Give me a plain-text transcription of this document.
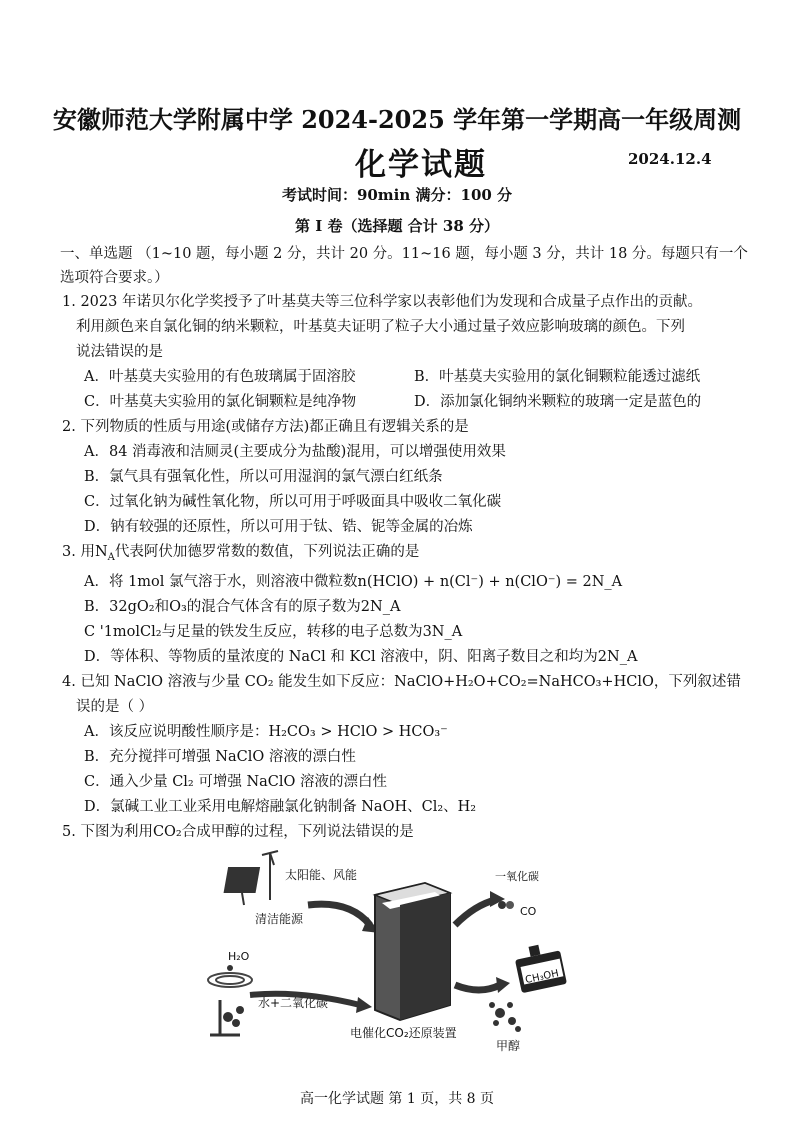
安徽师范大学附属中学 2024-2025 学年第一学期高一年级周测
化学试题	2024.12.4
考试时间：90min 满分：100 分
第 I 卷（选择题 合计 38 分）
一、单选题 （1~10 题，每小题 2 分，共计 20 分。11~16 题，每小题 3 分，共计 18 分。每题只有一个选项符合要求。）
1. 2023 年诺贝尔化学奖授予了叶基莫夫等三位科学家以表彰他们为发现和合成量子点作出的贡献。
利用颜色来自氯化铜的纳米颗粒，叶基莫夫证明了粒子大小通过量子效应影响玻璃的颜色。下列
说法错误的是
A．叶基莫夫实验用的有色玻璃属于固溶胶	B．叶基莫夫实验用的氯化铜颗粒能透过滤纸
C．叶基莫夫实验用的氯化铜颗粒是纯净物	D．添加氯化铜纳米颗粒的玻璃一定是蓝色的
2. 下列物质的性质与用途(或储存方法)都正确且有逻辑关系的是
A．84 消毒液和洁厕灵(主要成分为盐酸)混用，可以增强使用效果
B．氯气具有强氧化性，所以可用湿润的氯气漂白红纸条
C．过氧化钠为碱性氧化物，所以可用于呼吸面具中吸收二氧化碳
D．钠有较强的还原性，所以可用于钛、锆、铌等金属的冶炼
3. 用$N_A$代表阿伏加德罗常数的数值，下列说法正确的是
A．将 1mol 氯气溶于水，则溶液中微粒数n(HClO) + n(Cl⁻) + n(ClO⁻) = 2N_A
B．32gO₂和O₃的混合气体含有的原子数为2N_A
C '1molCl₂与足量的铁发生反应，转移的电子总数为3N_A
D．等体积、等物质的量浓度的 NaCl 和 KCl 溶液中，阴、阳离子数目之和均为2N_A
4. 已知 NaClO 溶液与少量 CO₂ 能发生如下反应：NaClO+H₂O+CO₂=NaHCO₃+HClO，下列叙述错
误的是（ ）
A．该反应说明酸性顺序是：H₂CO₃ > HClO > HCO₃⁻
B．充分搅拌可增强 NaClO 溶液的漂白性
C．通入少量 Cl₂ 可增强 NaClO 溶液的漂白性
D．氯碱工业工业采用电解熔融氯化钠制备 NaOH、Cl₂、H₂
5. 下图为利用CO₂合成甲醇的过程，下列说法错误的是
太阳能、风能
清洁能源
H₂O
水+二氧化碳
电催化CO₂还原装置
一氧化碳
CO
CH₃OH
甲醇
高一化学试题 第 1 页，共 8 页
